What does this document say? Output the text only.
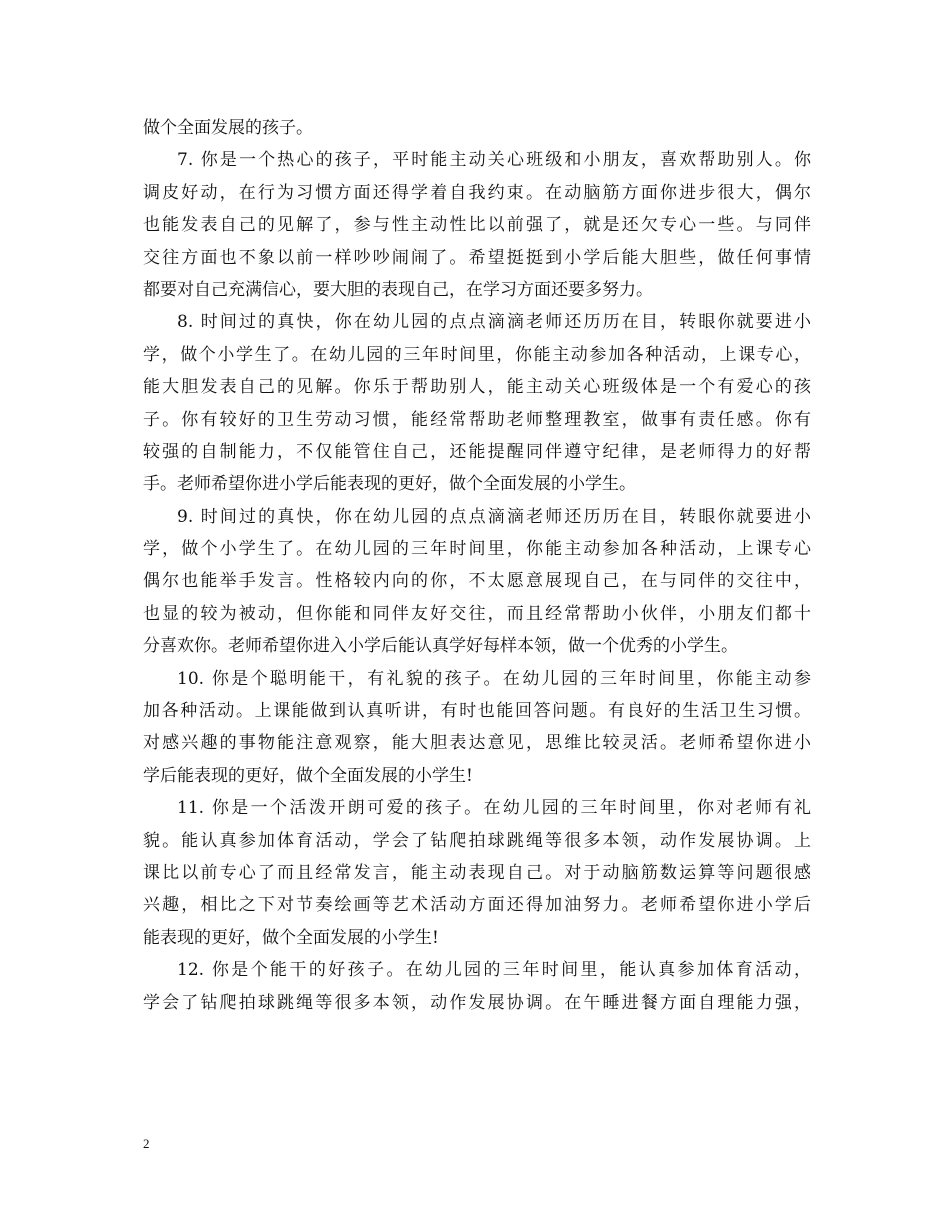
做个全面发展的孩子。
7. 你是一个热心的孩子，平时能主动关心班级和小朋友，喜欢帮助别人。你
调皮好动，在行为习惯方面还得学着自我约束。在动脑筋方面你进步很大，偶尔
也能发表自己的见解了，参与性主动性比以前强了，就是还欠专心一些。与同伴
交往方面也不象以前一样吵吵闹闹了。希望挺挺到小学后能大胆些，做任何事情
都要对自己充满信心，要大胆的表现自己，在学习方面还要多努力。
8. 时间过的真快，你在幼儿园的点点滴滴老师还历历在目，转眼你就要进小
学，做个小学生了。在幼儿园的三年时间里，你能主动参加各种活动，上课专心，
能大胆发表自己的见解。你乐于帮助别人，能主动关心班级体是一个有爱心的孩
子。你有较好的卫生劳动习惯，能经常帮助老师整理教室，做事有责任感。你有
较强的自制能力，不仅能管住自己，还能提醒同伴遵守纪律，是老师得力的好帮
手。老师希望你进小学后能表现的更好，做个全面发展的小学生。
9. 时间过的真快，你在幼儿园的点点滴滴老师还历历在目，转眼你就要进小
学，做个小学生了。在幼儿园的三年时间里，你能主动参加各种活动，上课专心
偶尔也能举手发言。性格较内向的你，不太愿意展现自己，在与同伴的交往中，
也显的较为被动，但你能和同伴友好交往，而且经常帮助小伙伴，小朋友们都十
分喜欢你。老师希望你进入小学后能认真学好每样本领，做一个优秀的小学生。
10. 你是个聪明能干，有礼貌的孩子。在幼儿园的三年时间里，你能主动参
加各种活动。上课能做到认真听讲，有时也能回答问题。有良好的生活卫生习惯。
对感兴趣的事物能注意观察，能大胆表达意见，思维比较灵活。老师希望你进小
学后能表现的更好，做个全面发展的小学生!
11. 你是一个活泼开朗可爱的孩子。在幼儿园的三年时间里，你对老师有礼
貌。能认真参加体育活动，学会了钻爬拍球跳绳等很多本领，动作发展协调。上
课比以前专心了而且经常发言，能主动表现自己。对于动脑筋数运算等问题很感
兴趣，相比之下对节奏绘画等艺术活动方面还得加油努力。老师希望你进小学后
能表现的更好，做个全面发展的小学生!
12. 你是个能干的好孩子。在幼儿园的三年时间里，能认真参加体育活动，
学会了钻爬拍球跳绳等很多本领，动作发展协调。在午睡进餐方面自理能力强，
2
